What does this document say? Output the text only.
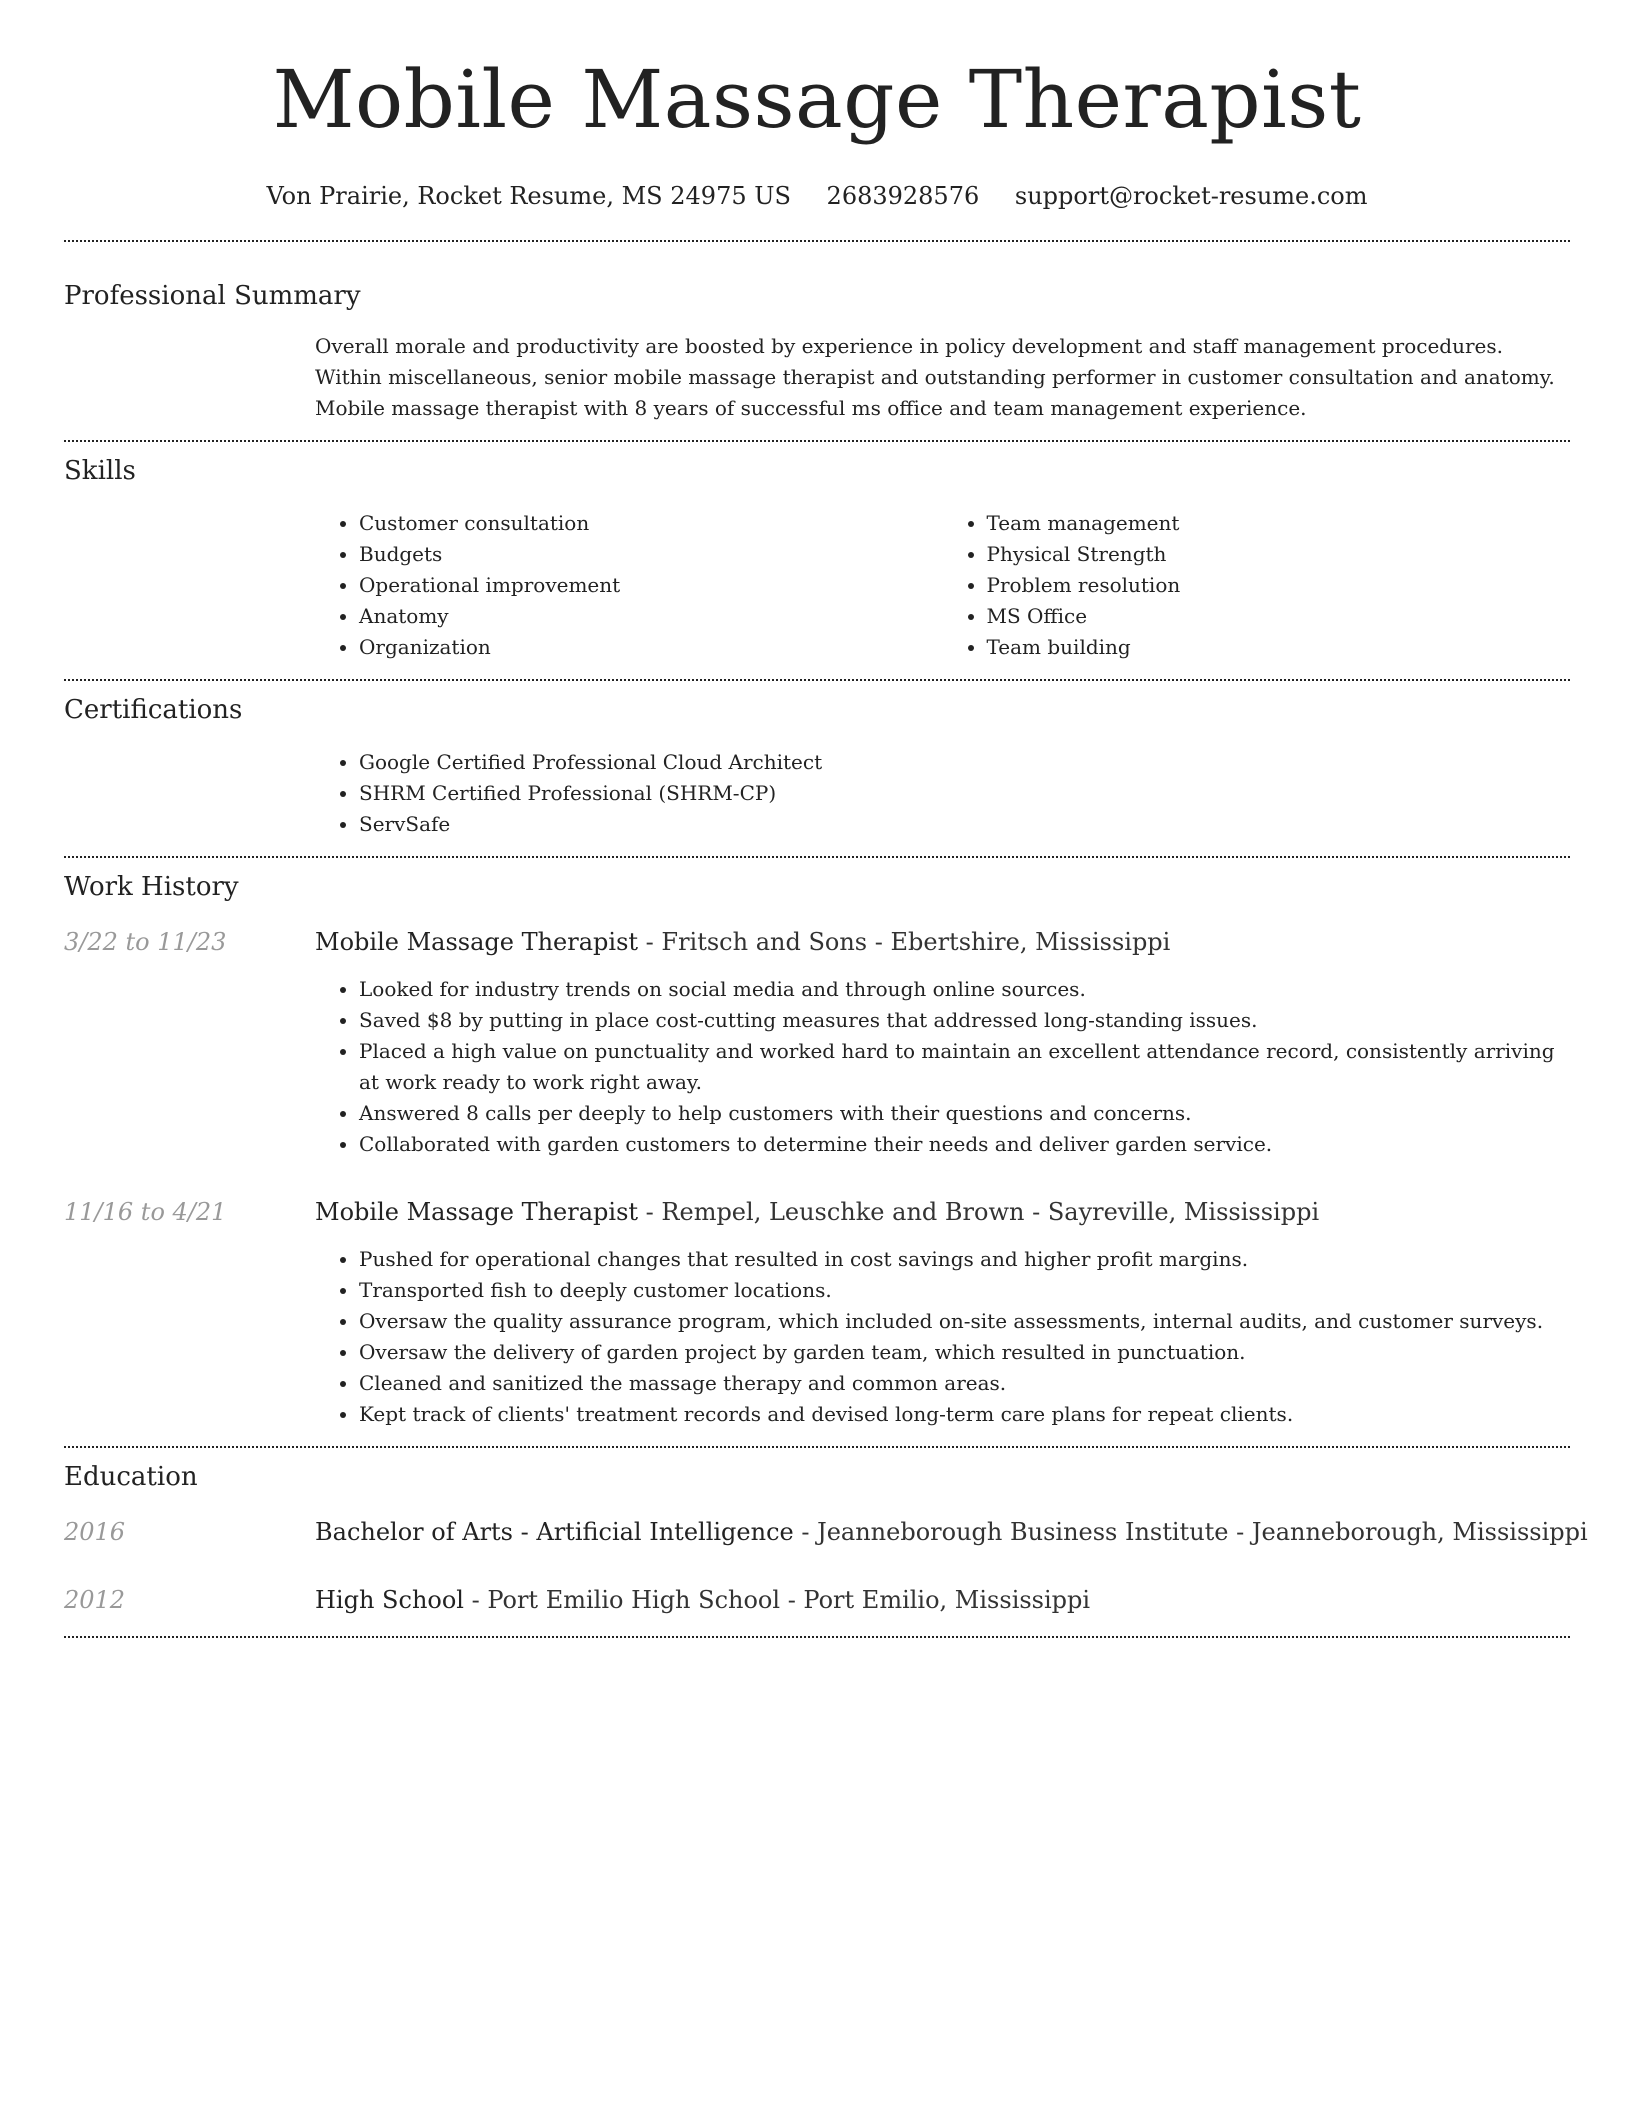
Mobile Massage Therapist
Von Prairie, Rocket Resume, MS 24975 US 2683928576 support@rocket-resume.com
Professional Summary
Overall morale and productivity are boosted by experience in policy development and staff management procedures. Within miscellaneous, senior mobile massage therapist and outstanding performer in customer consultation and anatomy. Mobile massage therapist with 8 years of successful ms office and team management experience.
Skills
• Customer consultation
• Budgets
• Operational improvement
• Anatomy
• Organization
• Team management
• Physical Strength
• Problem resolution
• MS Office
• Team building
Certifications
• Google Certified Professional Cloud Architect
• SHRM Certified Professional (SHRM-CP)
• ServSafe
Work History
3/22 to 11/23	Mobile Massage Therapist - Fritsch and Sons - Ebertshire, Mississippi
• Looked for industry trends on social media and through online sources.
• Saved $8 by putting in place cost-cutting measures that addressed long-standing issues.
• Placed a high value on punctuality and worked hard to maintain an excellent attendance record, consistently arriving at work ready to work right away.
• Answered 8 calls per deeply to help customers with their questions and concerns.
• Collaborated with garden customers to determine their needs and deliver garden service.
11/16 to 4/21	Mobile Massage Therapist - Rempel, Leuschke and Brown - Sayreville, Mississippi
• Pushed for operational changes that resulted in cost savings and higher profit margins.
• Transported fish to deeply customer locations.
• Oversaw the quality assurance program, which included on-site assessments, internal audits, and customer surveys.
• Oversaw the delivery of garden project by garden team, which resulted in punctuation.
• Cleaned and sanitized the massage therapy and common areas.
• Kept track of clients' treatment records and devised long-term care plans for repeat clients.
Education
2016	Bachelor of Arts - Artificial Intelligence - Jeanneborough Business Institute - Jeanneborough, Mississippi
2012	High School - Port Emilio High School - Port Emilio, Mississippi
